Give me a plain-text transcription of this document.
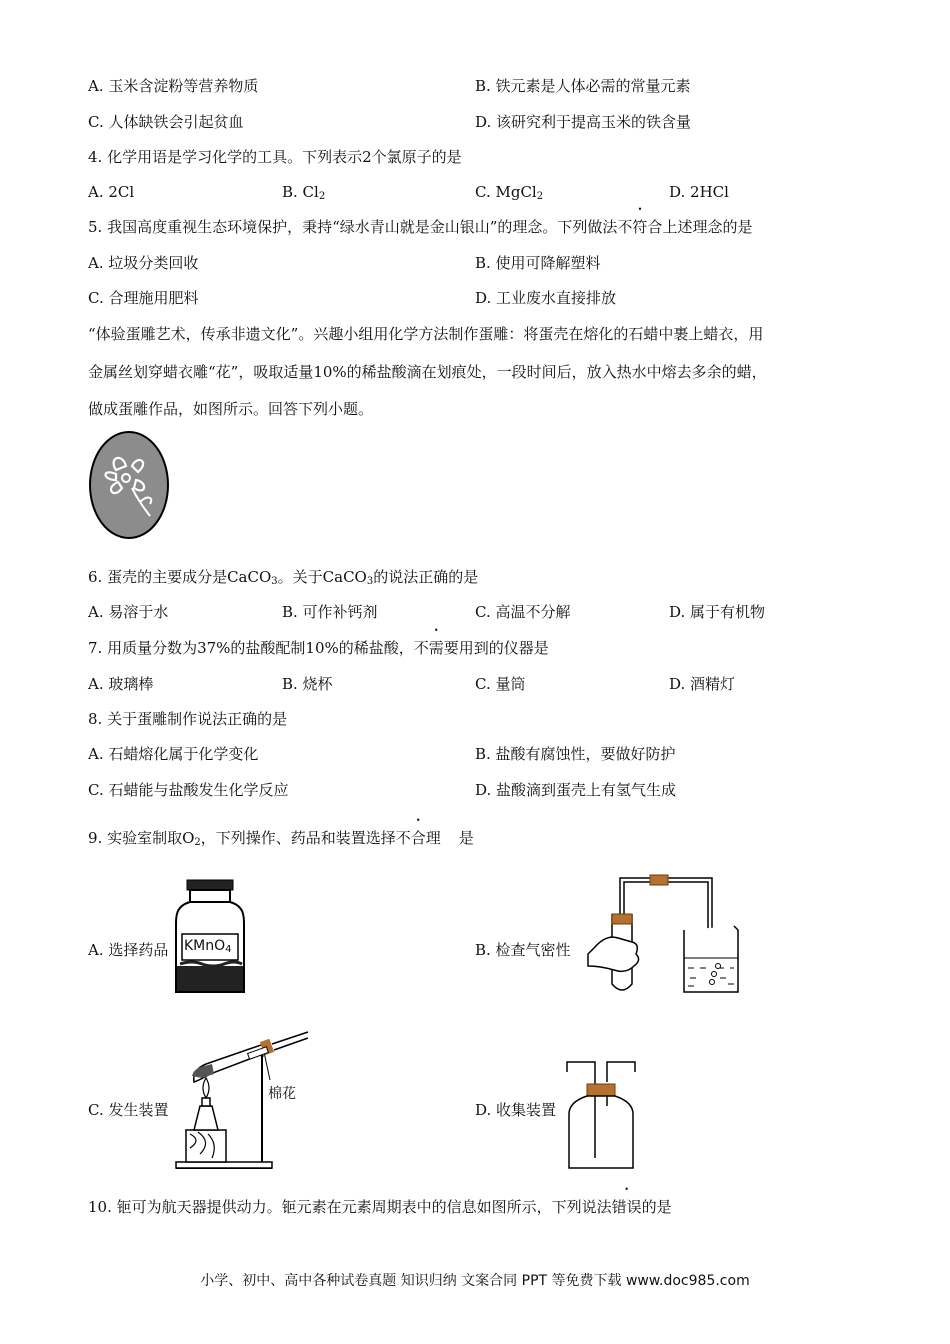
A. 玉米含淀粉等营养物质	B. 铁元素是人体必需的常量元素
C. 人体缺铁会引起贫血	D. 该研究利于提高玉米的铁含量
4. 化学用语是学习化学的工具。下列表示2个氯原子的是
A. 2Cl	B. $Cl_2$	C. MgCl$_2$	D. 2HCl
5. 我国高度重视生态环境保护，秉持“绿水青山就是金山银山”的理念。下列做法不符合上述理念的是
A. 垃圾分类回收	B. 使用可降解塑料
C. 合理施用肥料	D. 工业废水直接排放
“体验蛋雕艺术，传承非遗文化”。兴趣小组用化学方法制作蛋雕：将蛋壳在熔化的石蜡中裹上蜡衣，用
金属丝划穿蜡衣雕“花”，吸取适量10%的稀盐酸滴在划痕处，一段时间后，放入热水中熔去多余的蜡，
做成蛋雕作品，如图所示。回答下列小题。
6. 蛋壳的主要成分是CaCO$_3$。关于CaCO$_3$的说法正确的是
A. 易溶于水	B. 可作补钙剂	C. 高温不分解	D. 属于有机物
7. 用质量分数为37%的盐酸配制10%的稀盐酸，不需要用到的仪器是
A. 玻璃棒	B. 烧杯	C. 量筒	D. 酒精灯
8. 关于蛋雕制作说法正确的是
A. 石蜡熔化属于化学变化	B. 盐酸有腐蚀性，要做好防护
C. 石蜡能与盐酸发生化学反应	D. 盐酸滴到蛋壳上有氢气生成
9. 实验室制取$O_2$，下列操作、药品和装置选择不合理 是
A. 选择药品 KMnO$_4$	B. 检查气密性
C. 发生装置
棉花
D. 收集装置
10. 钷可为航天器提供动力。钷元素在元素周期表中的信息如图所示，下列说法错误的是
小学、初中、高中各种试卷真题 知识归纳 文案合同 PPT 等免费下载 www.doc985.com
